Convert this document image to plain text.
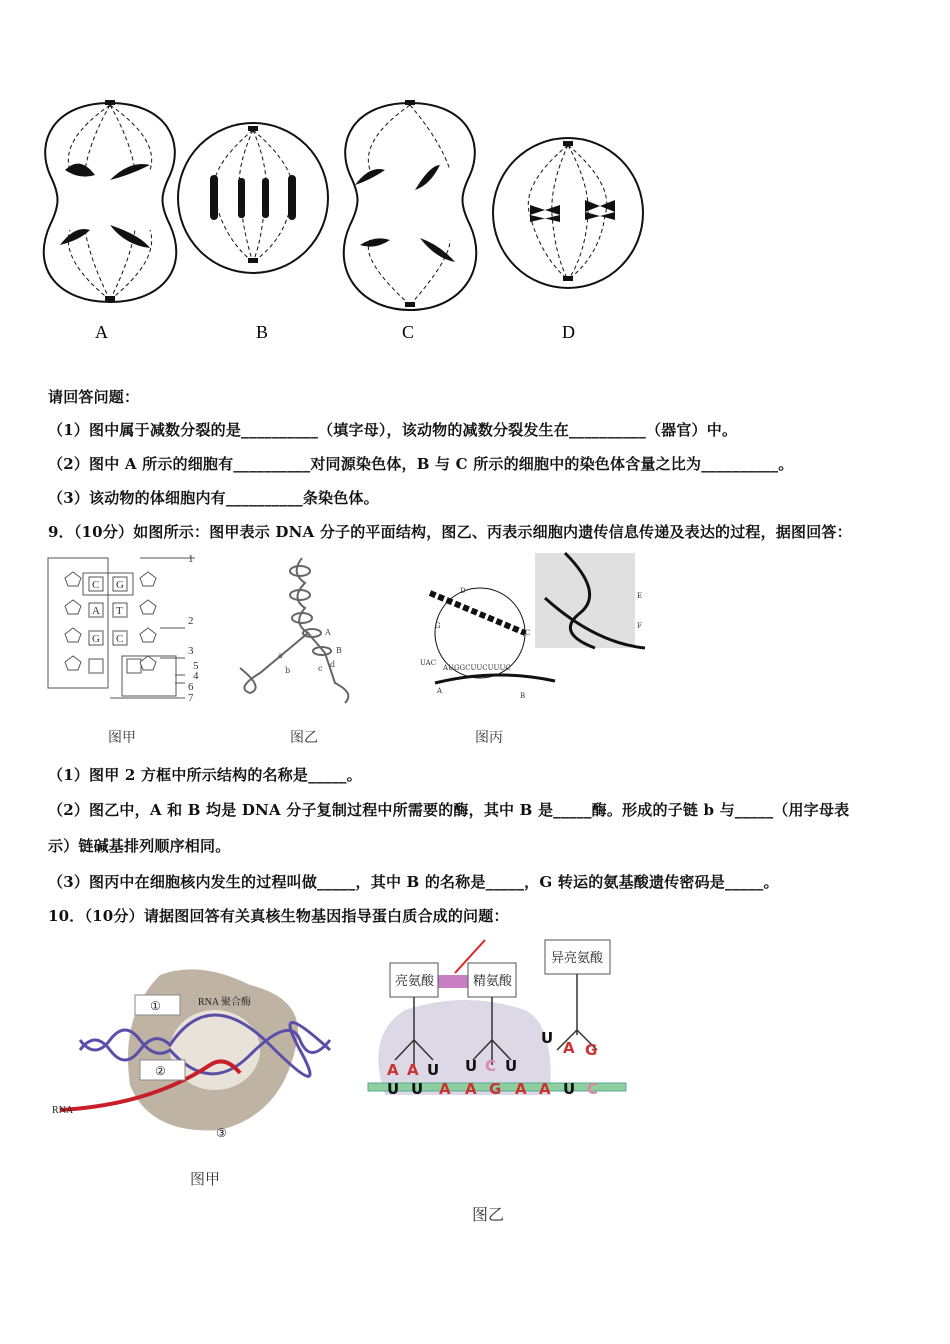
A	B	C	D
请回答问题：
（1）图中属于减数分裂的是__________（填字母），该动物的减数分裂发生在__________（器官）中。
（2）图中 A 所示的细胞有__________对同源染色体，B 与 C 所示的细胞中的染色体含量之比为__________。
（3）该动物的体细胞内有__________条染色体。
9．（10分）如图所示：图甲表示 DNA 分子的平面结构，图乙、丙表示细胞内遗传信息传递及表达的过程，据图回答：
C
A
G
G
T
C
1
2
3
5
4
6
7
图甲
A
B
a
b	c d
图乙
D
G
C
E
F
A
B
UAC
AUGGCUUCUUUC
图丙
（1）图甲 2 方框中所示结构的名称是_____。
（2）图乙中，A 和 B 均是 DNA 分子复制过程中所需要的酶，其中 B 是_____酶。形成的子链 b 与_____（用字母表
示）链碱基排列顺序相同。
（3）图丙中在细胞核内发生的过程叫做_____，其中 B 的名称是_____，G 转运的氨基酸遗传密码是_____。
10．（10分）请据图回答有关真核生物基因指导蛋白质合成的问题：
①
②
③
RNA 聚合酶
RNA
图甲
亮氨酸	精氨酸
异亮氨酸
A A U U C U
U
A G
U U A A G A A U C
图乙
